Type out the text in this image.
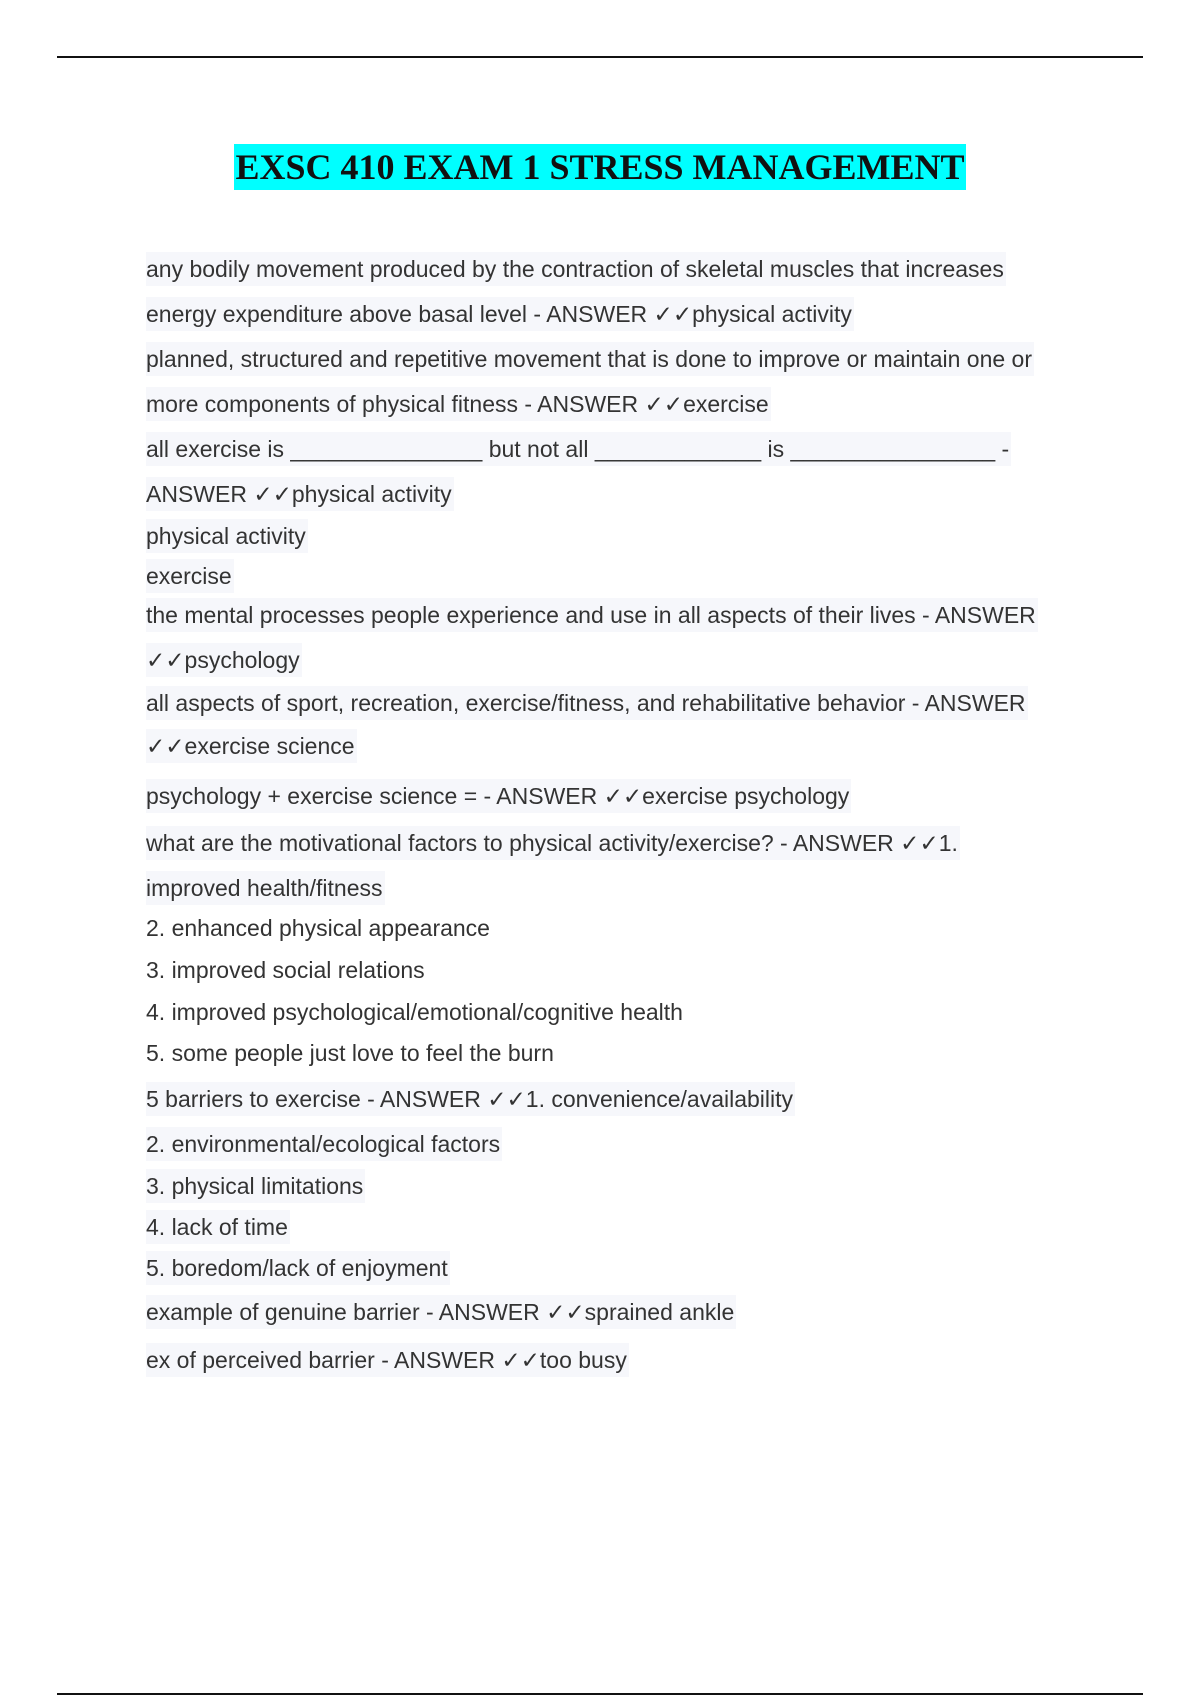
EXSC 410 EXAM 1 STRESS MANAGEMENT
any bodily movement produced by the contraction of skeletal muscles that increases
energy expenditure above basal level - ANSWER ✓✓physical activity
planned, structured and repetitive movement that is done to improve or maintain one or
more components of physical fitness - ANSWER ✓✓exercise
all exercise is _______________ but not all _____________ is ________________ -
ANSWER ✓✓physical activity
physical activity
exercise
the mental processes people experience and use in all aspects of their lives - ANSWER
✓✓psychology
all aspects of sport, recreation, exercise/fitness, and rehabilitative behavior - ANSWER
✓✓exercise science
psychology + exercise science = - ANSWER ✓✓exercise psychology
what are the motivational factors to physical activity/exercise? - ANSWER ✓✓1.
improved health/fitness
2. enhanced physical appearance
3. improved social relations
4. improved psychological/emotional/cognitive health
5. some people just love to feel the burn
5 barriers to exercise - ANSWER ✓✓1. convenience/availability
2. environmental/ecological factors
3. physical limitations
4. lack of time
5. boredom/lack of enjoyment
example of genuine barrier - ANSWER ✓✓sprained ankle
ex of perceived barrier - ANSWER ✓✓too busy
